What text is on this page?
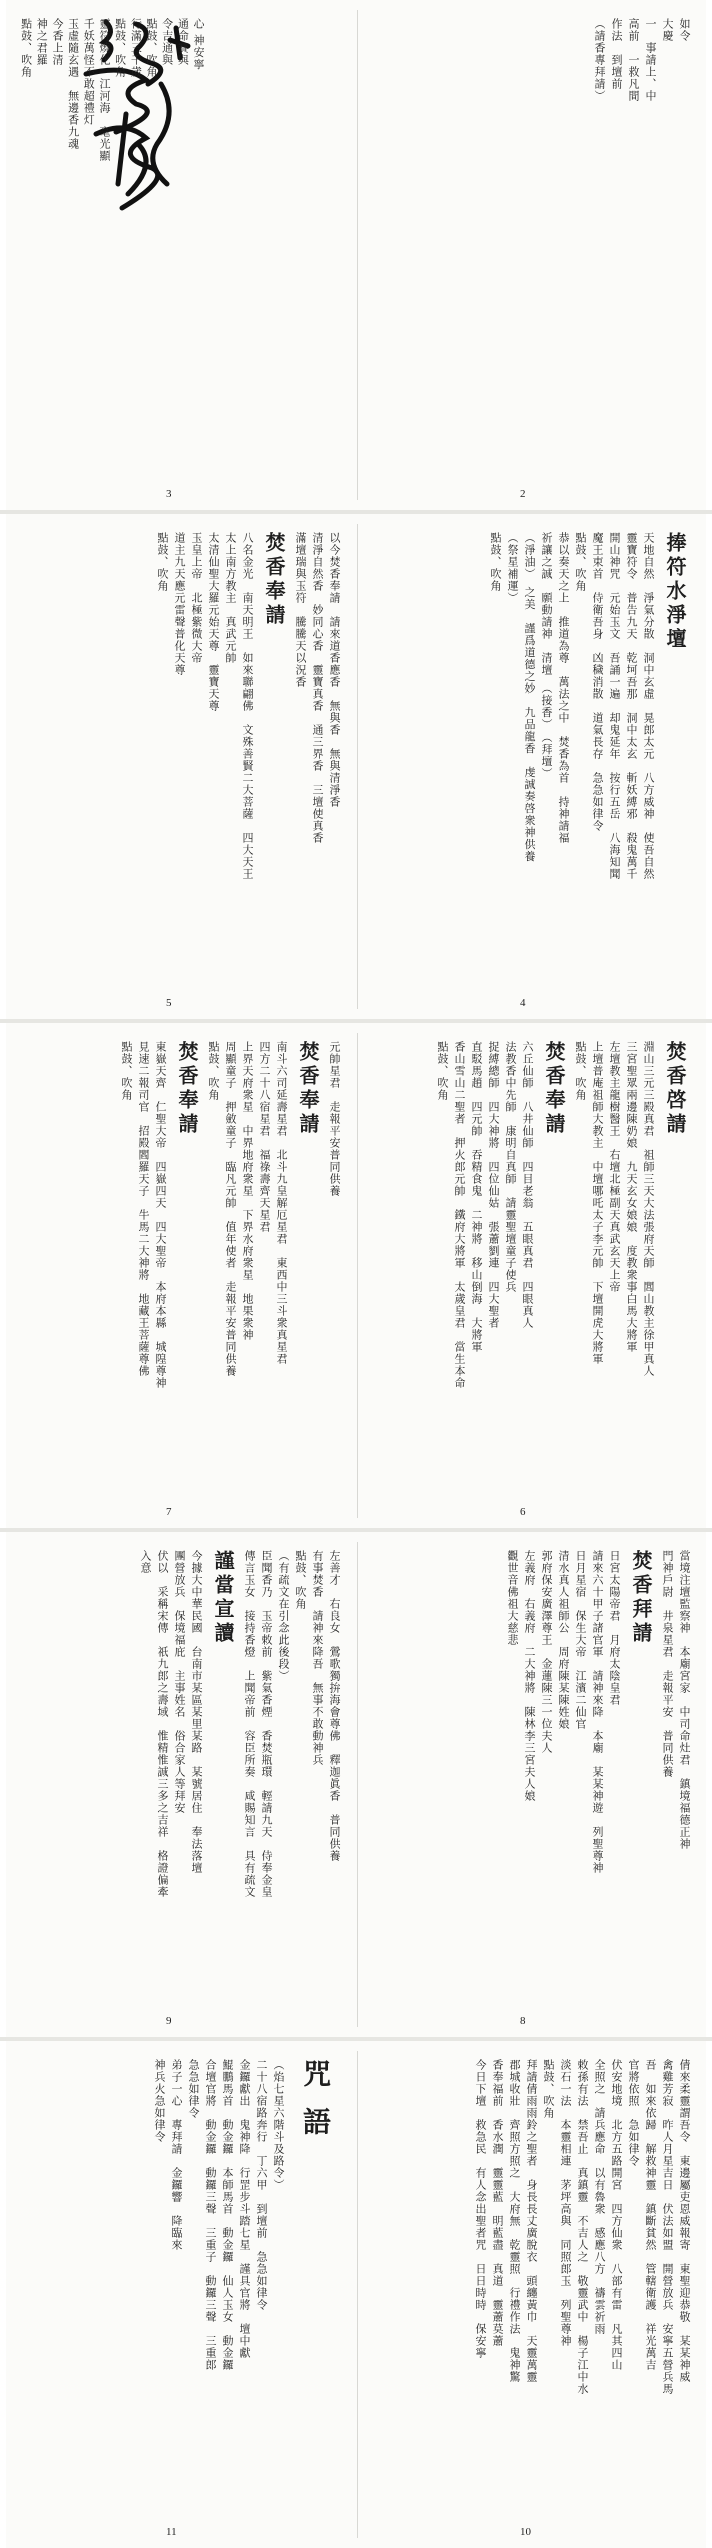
如令
大慶
一　事請上、中
高前　一救凡間
作法　到壇前
（請香專拜請）
2
心 神安寧
通命賽與
令吉通與
點鼓、吹角
行滿三千歲
點鼓、吹角
靈符燒化　江河海　毫光顯
千妖萬怪不敢超禮灯
玉虛隨玄遇　無邊香九魂
今香上清
神之君羅
點鼓、吹角
3
捧符水淨壇
天地自然　淨氣分散　洞中玄虛　晃郎太元　八方威神　使吾自然
靈寶符令　普告九天　乾坷吾那　洞中太玄　斬妖縛邪　殺鬼萬千
開山神咒　元始玉文　吾誦一遍　却鬼延年　按行五岳　八海知聞
魔王束首　侍衛吾身　凶穢消散　道氣長存　急急如律令
點鼓、吹角
恭以奏天之上　推道為尊　萬法之中　焚香為首　持神請福
祈讓之誠　願動請神　清壇　（接香）　（拜壇）
（淨油）　之美　謹爲道德之妙　九品龍香　虔誠奏啓衆神供養
（祭星補運）
點鼓、吹角
4
以今焚香奉請　請來道香應香　無與香　無與清淨香
清淨自然香　妙同心香　靈寶真香　通三界香　三壇使真香
滿壇瑞與玉符　騰騰天以況香
焚香奉請
八名金光　南天明王　如來聯翩佛　文殊善賢二大菩薩　四大天王
太上南方教主　真武元帥
太清仙聖大羅元始天尊　靈寶天尊
玉皇上帝　北極紫微大帝
道主九天應元雷聲普化天尊
點鼓、吹角
5
焚香啓請
淵山三元三殿真君　祖師三天大法張府天師　閭山教主徐甲真人
三宮聖眾兩邊陳奶娘　九天玄女娘娘　度教衆事白馬大將軍
左壇教主龍樹醫王　右壇北極副天真武玄天上帝
上壇普庵祖師大教主　中壇哪吒太子李元帥　下壇開虎大將軍
點鼓、吹角
焚香奉請
六丘仙師　八井仙師　四目老翁　五眼真君　四眼真人
法教香中先師　康明自真師　請靈聖壇童子使兵
捉縛總師　四大神將　四位仙姑　張蕭劉連　四大聖者
直駁馬趙　四元帥　吞精食鬼　二神將　移山倒海　大將軍
香山雪山二聖者　押火郎元帥　鐵府大將軍　太歲皇君　當生本命
點鼓、吹角
6
元帥星君　走報平安普同供養
焚香奉請
南斗六司延壽星君　北斗九皇解厄星君　東西中三斗衆真星君
四方二十八宿星君　福祿壽齊天星君
上界天府衆星　中界地府衆星　下界水府衆星　地果衆神
周顯童子　押斂童子　臨凡元帥　值年使者　走報平安普同供養
點鼓、吹角
焚香奉請
東嶽天齊　仁聖大帝　四嶽四天　四大聖帝　本府本縣　城隍尊神
見速二報司官　招殿閻羅天子　牛馬二大神將　地藏王菩薩尊佛
點鼓、吹角
7
當境注壇監察神　本廟宮家　中司命灶君　鎮境福德正神
門神戶尉　井泉星君　走報平安　普同供養
焚香拜請
日宮太陽帝君　月府太陰皇君
請來六十甲子諸官軍　請神來降　本廟　某某神遊　列聖尊神
日月星宿　保生大帝　江濱二仙官
清水真人祖師公　周府陳某陳姓娘
郭府保安廣澤尊王　金蓮陳三一位夫人
左義府　右義府　二大神將　陳林李三宮夫人娘
觀世音佛祖大慈悲
8
左善才　右良女　鶯歌獨拚海會尊佛　釋迦眞香　普同供養
有事焚香　請神來降吾　無事不敢動神兵
點鼓、吹角
（有疏文在引念此後段）
臣聞香乃　玉帝敕前　紫氣香煙　香焚瓶環　輕請九天　侍奉金皇
傳言玉女　接持香燈　上聞帝前　容臣所奏　咸賜知言　具有疏文
謹當宣讀
今據大中華民國　台南市某區某里某路　某號居住　奉法落壇
團營放兵　保境福庇　主事姓名　俗合家人等拜安
伏以　采稱宋傳　祇九郎之壽域　惟精惟誠三多之吉祥　格證偏牽
入意
9
倩來柔靈謂吾令　東邊屬吏恩威報寄　東聖迎恭敬　某某神威
禽雞芳寂　昨人月星吉日　伏法如盟　開營放兵　安寧五營兵馬
吾　如來依歸　解救神靈　鎮斷貧然　管轄衛護　祥光萬吉
官將依照　急如律令
伏安地境　北方五路開宮　四方仙衆　八部有雷　凡其四山
全照之　請兵應命　以有魯衆　感應八方　禱雲祈雨
敕孫有法　禁吾止　真鎮靈　不吉人之　敬靈武中　楊子江中水
淡石一法　本靈相連　茅坪高與　同照郎玉　列聖尊神
點鼓、吹角
拜請倩雨雨鈴之聖者　身長長丈廣脫衣　頭纏黃巾　天靈萬靈
郡城收壯　齊照方照之　大府無　乾靈照　行禮作法　鬼神驚
香奉福前　香水潤　靈靈藍　明藍盡　真道　靈蕭莫蕭
今日下壇　救急民　有人念出聖者咒　日日時時　保安寧
10
咒語
（焰七星六階斗及路令）
二十八宿路奔行　丁六甲　到壇前　急急如律令
金鑼獻出　鬼神降　行罡步斗踏七星　謹具官將　壇中獻
鯤鵬馬首　動金鑼　本師馬首　動金鑼　仙人玉女　動金鑼
合壇官將　動金鑼　動鑼三聲　三重子　動鑼三聲　三重郎
急急如律令
弟子一心　專拜請　金鑼響　降臨來
神兵火急如律令
11
